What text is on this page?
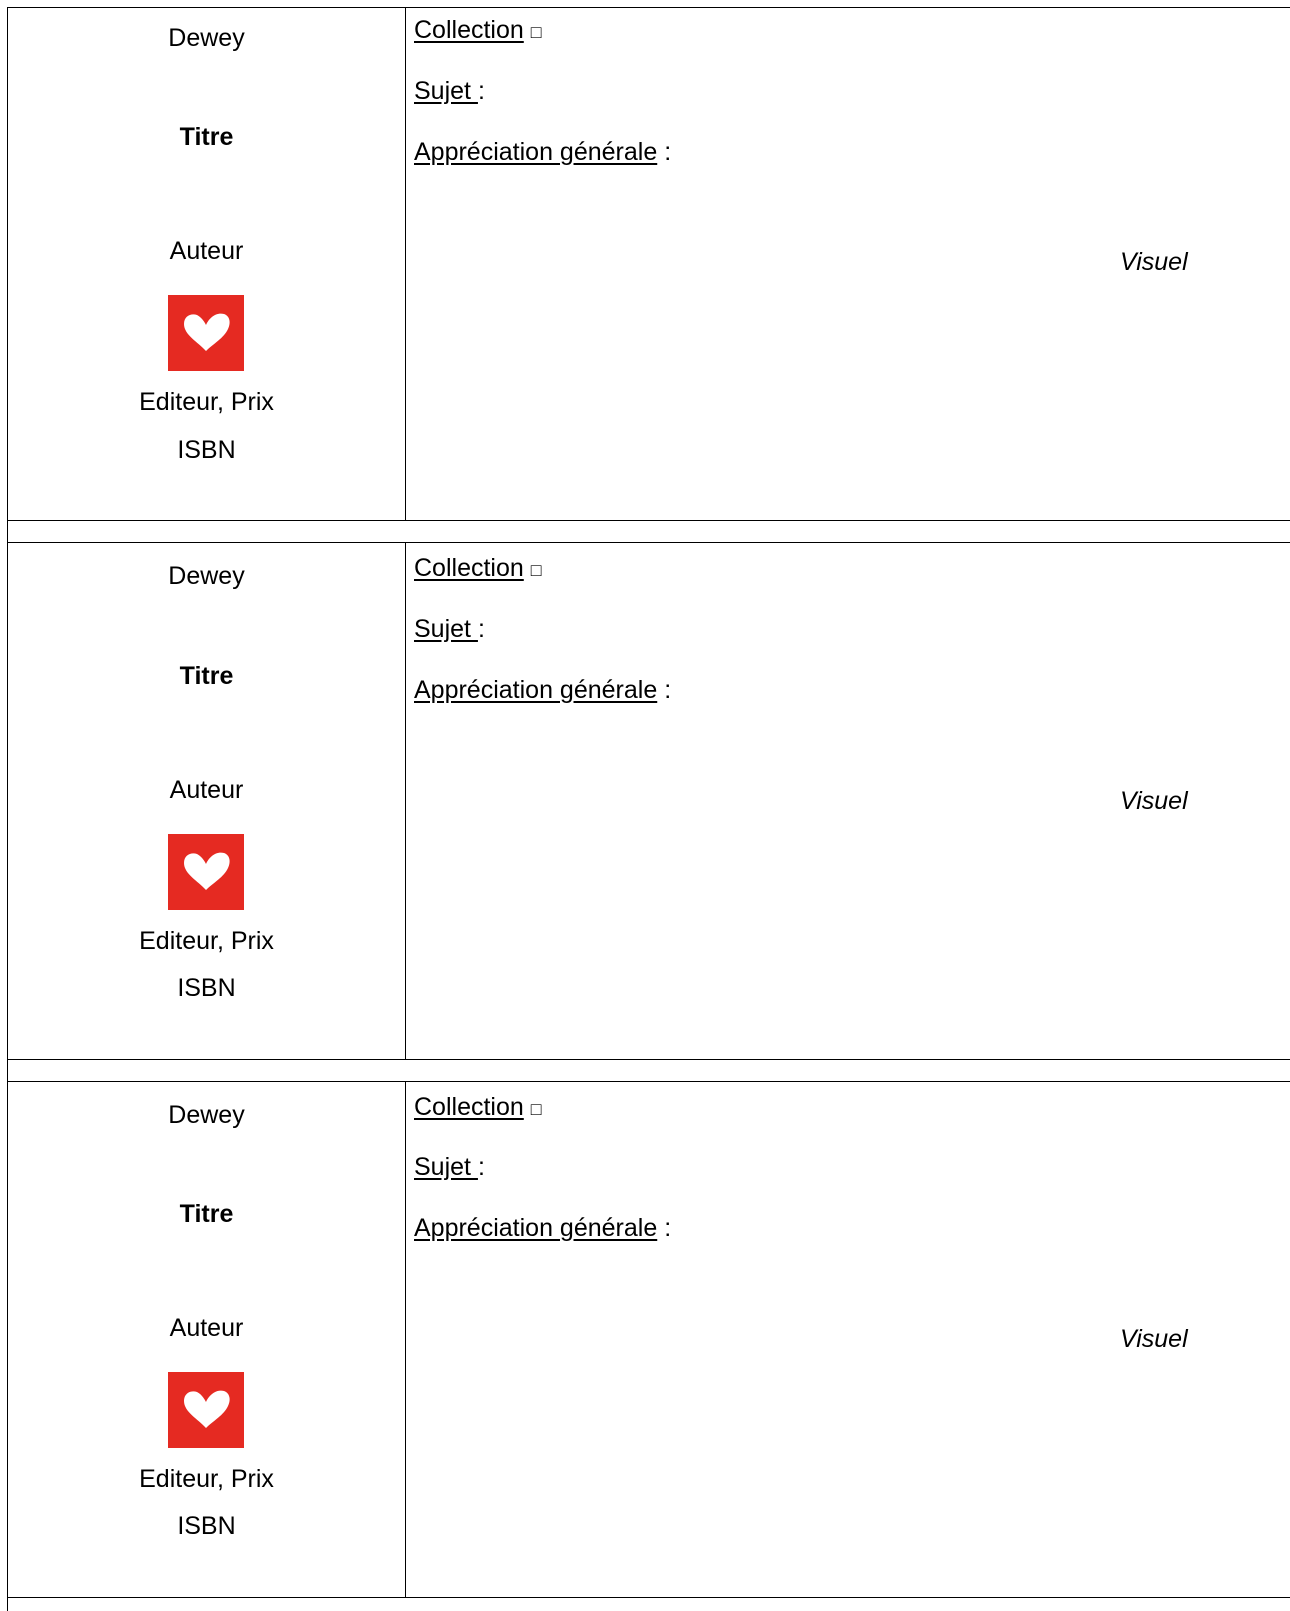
Dewey
Titre
Auteur
Editeur, Prix
ISBN
Collection □
Sujet :
Appréciation générale :
Visuel
Dewey
Titre
Auteur
Editeur, Prix
ISBN
Collection □
Sujet :
Appréciation générale :
Visuel
Dewey
Titre
Auteur
Editeur, Prix
ISBN
Collection □
Sujet :
Appréciation générale :
Visuel
